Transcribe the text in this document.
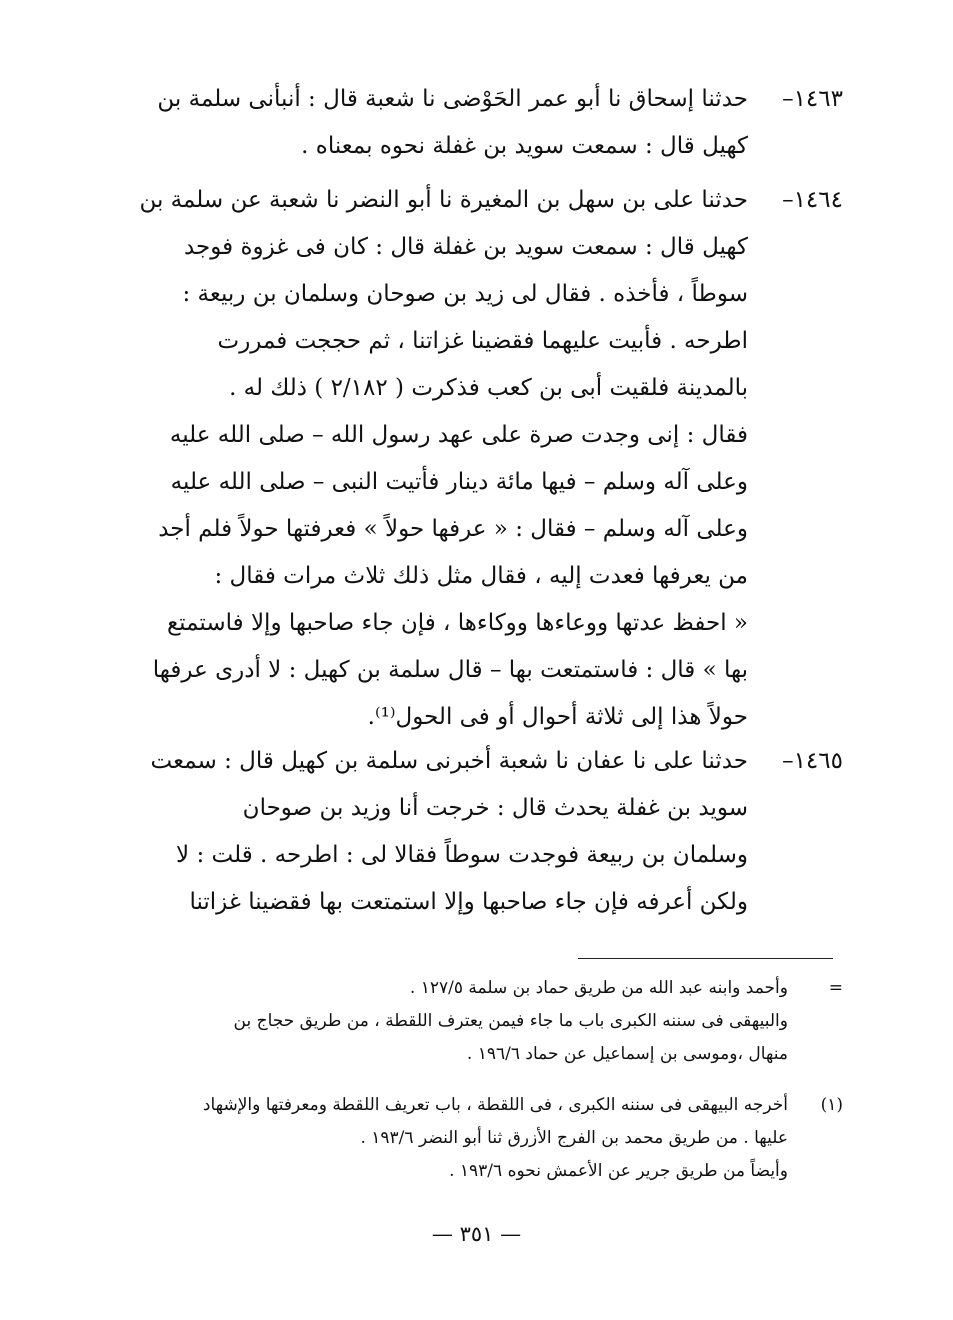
١٤٦٣–
حدثنا إسحاق نا أبو عمر الحَوْضى نا شعبة قال : أنبأنى سلمة بن
كهيل قال : سمعت سويد بن غفلة نحوه بمعناه .
١٤٦٤–
حدثنا على بن سهل بن المغيرة نا أبو النضر نا شعبة عن سلمة بن
كهيل قال : سمعت سويد بن غفلة قال : كان فى غزوة فوجد
سوطاً ، فأخذه . فقال لى زيد بن صوحان وسلمان بن ربيعة :
اطرحه . فأبيت عليهما فقضينا غزاتنا ، ثم حججت فمررت
بالمدينة فلقيت أبى بن كعب فذكرت ( ٢/١٨٢ ) ذلك له .
فقال : إنى وجدت صرة على عهد رسول الله – صلى الله عليه
وعلى آله وسلم – فيها مائة دينار فأتيت النبى – صلى الله عليه
وعلى آله وسلم – فقال : « عرفها حولاً » فعرفتها حولاً فلم أجد
من يعرفها فعدت إليه ، فقال مثل ذلك ثلاث مرات فقال :
« احفظ عدتها ووعاءها ووكاءها ، فإن جاء صاحبها وإلا فاستمتع
بها » قال : فاستمتعت بها – قال سلمة بن كهيل : لا أدرى عرفها
حولاً هذا إلى ثلاثة أحوال أو فى الحول⁽¹⁾.
١٤٦٥–
حدثنا على نا عفان نا شعبة أخبرنى سلمة بن كهيل قال : سمعت
سويد بن غفلة يحدث قال : خرجت أنا وزيد بن صوحان
وسلمان بن ربيعة فوجدت سوطاً فقالا لى : اطرحه . قلت : لا
ولكن أعرفه فإن جاء صاحبها وإلا استمتعت بها فقضينا غزاتنا
=
وأحمد وابنه عبد الله من طريق حماد بن سلمة ١٢٧/٥ .
والبيهقى فى سننه الكبرى باب ما جاء فيمن يعترف اللقطة ، من طريق حجاج بن
منهال ،وموسى بن إسماعيل عن حماد ١٩٦/٦ .
(١)
أخرجه البيهقى فى سننه الكبرى ، فى اللقطة ، باب تعريف اللقطة ومعرفتها والإشهاد
عليها . من طريق محمد بن الفرج الأزرق ثنا أبو النضر ١٩٣/٦ .
وأيضاً من طريق جرير عن الأعمش نحوه ١٩٣/٦ .
— ٣٥١ —
